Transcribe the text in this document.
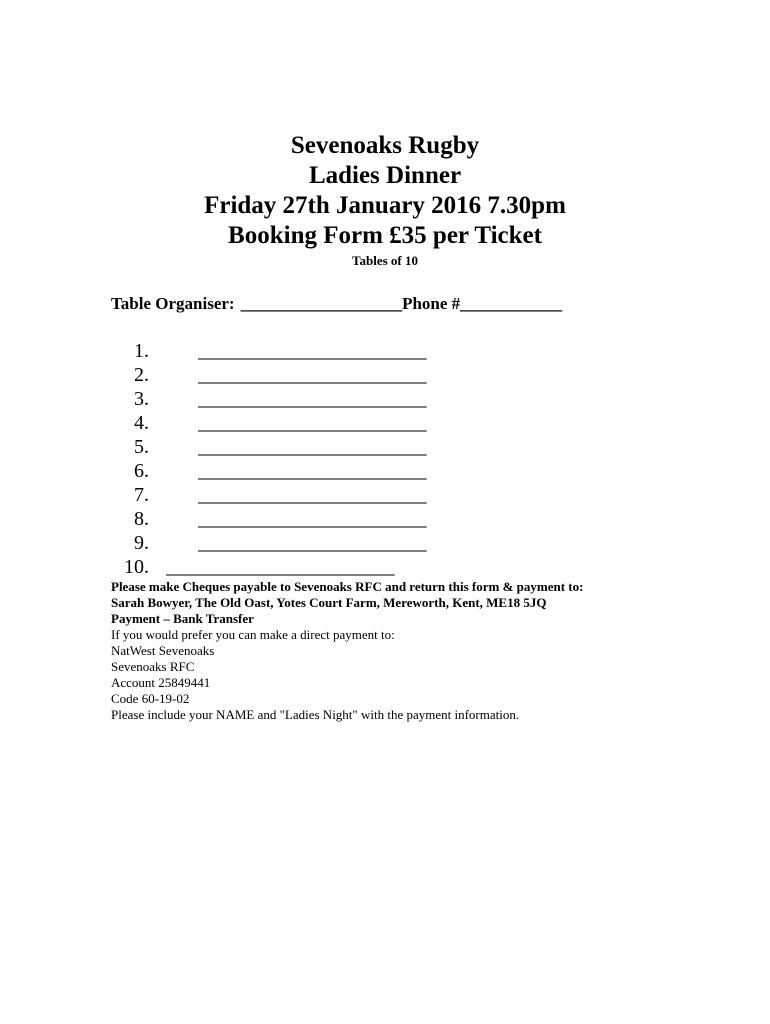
Sevenoaks Rugby
Ladies Dinner
Friday 27th January 2016 7.30pm
Booking Form £35 per Ticket
Tables of 10
Table Organiser: ___________________Phone #____________
1. ________________________
2. ________________________
3. ________________________
4. ________________________
5. ________________________
6. ________________________
7. ________________________
8. ________________________
9. ________________________
10. ________________________
Please make Cheques payable to Sevenoaks RFC and return this form & payment to:
Sarah Bowyer, The Old Oast, Yotes Court Farm, Mereworth, Kent, ME18 5JQ
Payment – Bank Transfer
If you would prefer you can make a direct payment to:
NatWest Sevenoaks
Sevenoaks RFC
Account 25849441
Code 60-19-02
Please include your NAME and "Ladies Night" with the payment information.
